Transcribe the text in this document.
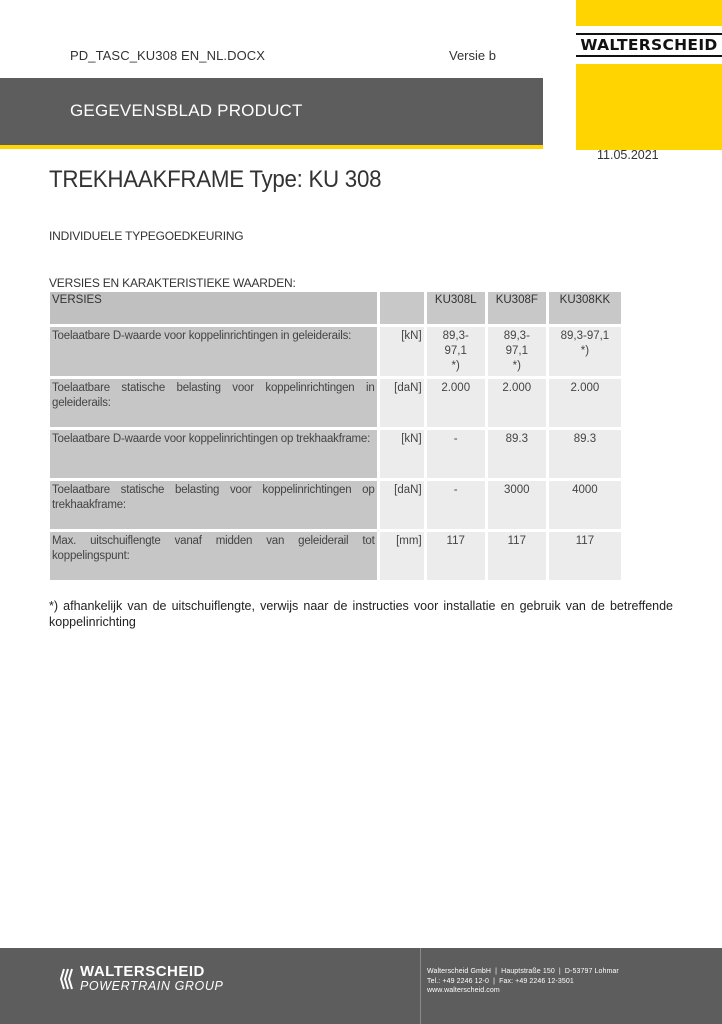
PD_TASC_KU308 EN_NL.DOCX	Versie b
WALTERSCHEID
GEGEVENSBLAD PRODUCT
11.05.2021
TREKHAAKFRAME Type: KU 308
INDIVIDUELE TYPEGOEDKEURING
VERSIES EN KARAKTERISTIEKE WAARDEN:
VERSIES		KU308L	KU308F	KU308KK
Toelaatbare D-waarde voor koppelinrichtingen in geleiderails:	[kN]	89,3-
97,1
*)	89,3-
97,1
*)	89,3-97,1
*)
Toelaatbare statische belasting voor koppelinrichtingen in geleiderails:	[daN]	2.000	2.000	2.000
Toelaatbare D-waarde voor koppelinrichtingen op trekhaakframe:	[kN]	-	89.3	89.3
Toelaatbare statische belasting voor koppelinrichtingen op trekhaakframe:	[daN]	-	3000	4000
Max. uitschuiflengte vanaf midden van geleiderail tot koppelingspunt:	[mm]	117	117	117
*) afhankelijk van de uitschuiflengte, verwijs naar de instructies voor installatie en gebruik van de betreffende koppelinrichting
WALTERSCHEID
POWERTRAIN GROUP
Walterscheid GmbH  |  Hauptstraße 150  |  D-53797 Lohmar
Tel.: +49 2246 12-0  |  Fax: +49 2246 12-3501
www.walterscheid.com
